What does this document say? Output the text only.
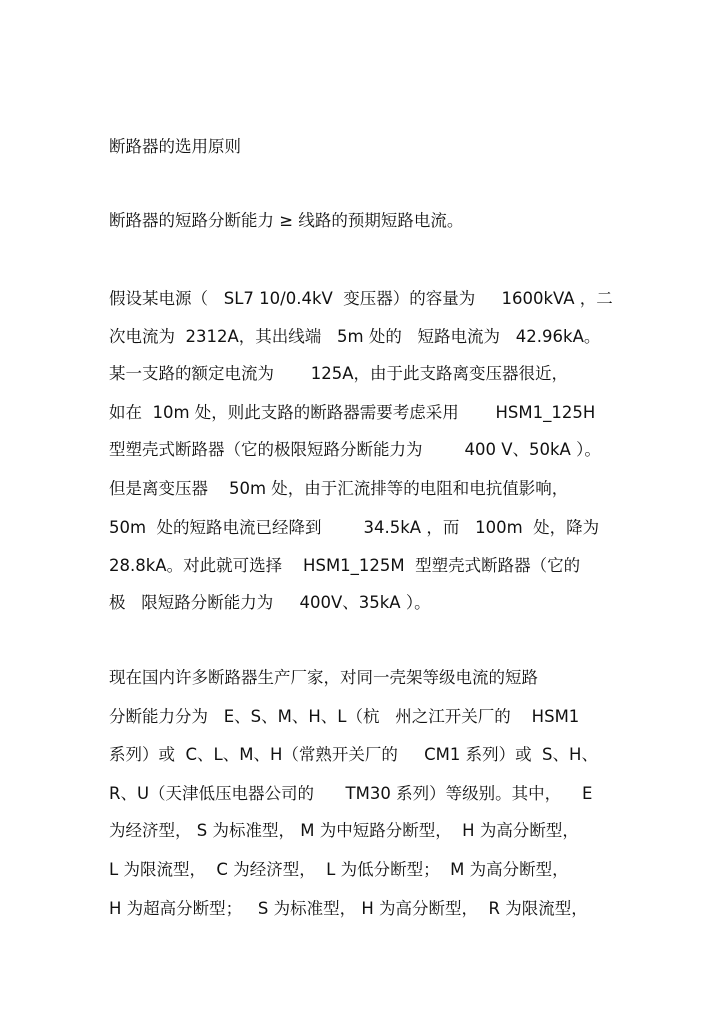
断路器的选用原则

断路器的短路分断能力 ≥ 线路的预期短路电流。

假设某电源（   SL7 10/0.4kV  变压器）的容量为     1600kVA ，二

次电流为  2312A，其出线端   5m 处的   短路电流为   42.96kA。

某一支路的额定电流为       125A，由于此支路离变压器很近，

如在  10m 处，则此支路的断路器需要考虑采用       HSM1_125H

型塑壳式断路器（它的极限短路分断能力为        400 V、50kA ）。

但是离变压器    50m 处，由于汇流排等的电阻和电抗值影响，

50m  处的短路电流已经降到        34.5kA ，而   100m  处，降为

28.8kA。对此就可选择    HSM1_125M  型塑壳式断路器（它的

极   限短路分断能力为     400V、35kA ）。

现在国内许多断路器生产厂家，对同一壳架等级电流的短路

分断能力分为   E、S、M、H、L（杭   州之江开关厂的    HSM1

系列）或  C、L、M、H（常熟开关厂的     CM1 系列）或  S、H、

R、U（天津低压电器公司的      TM30 系列）等级别。其中，    E

为经济型， S 为标准型， M 为中短路分断型，  H 为高分断型，

L 为限流型，  C 为经济型，  L 为低分断型；  M 为高分断型，

H 为超高分断型；   S 为标准型， H 为高分断型，  R 为限流型，
